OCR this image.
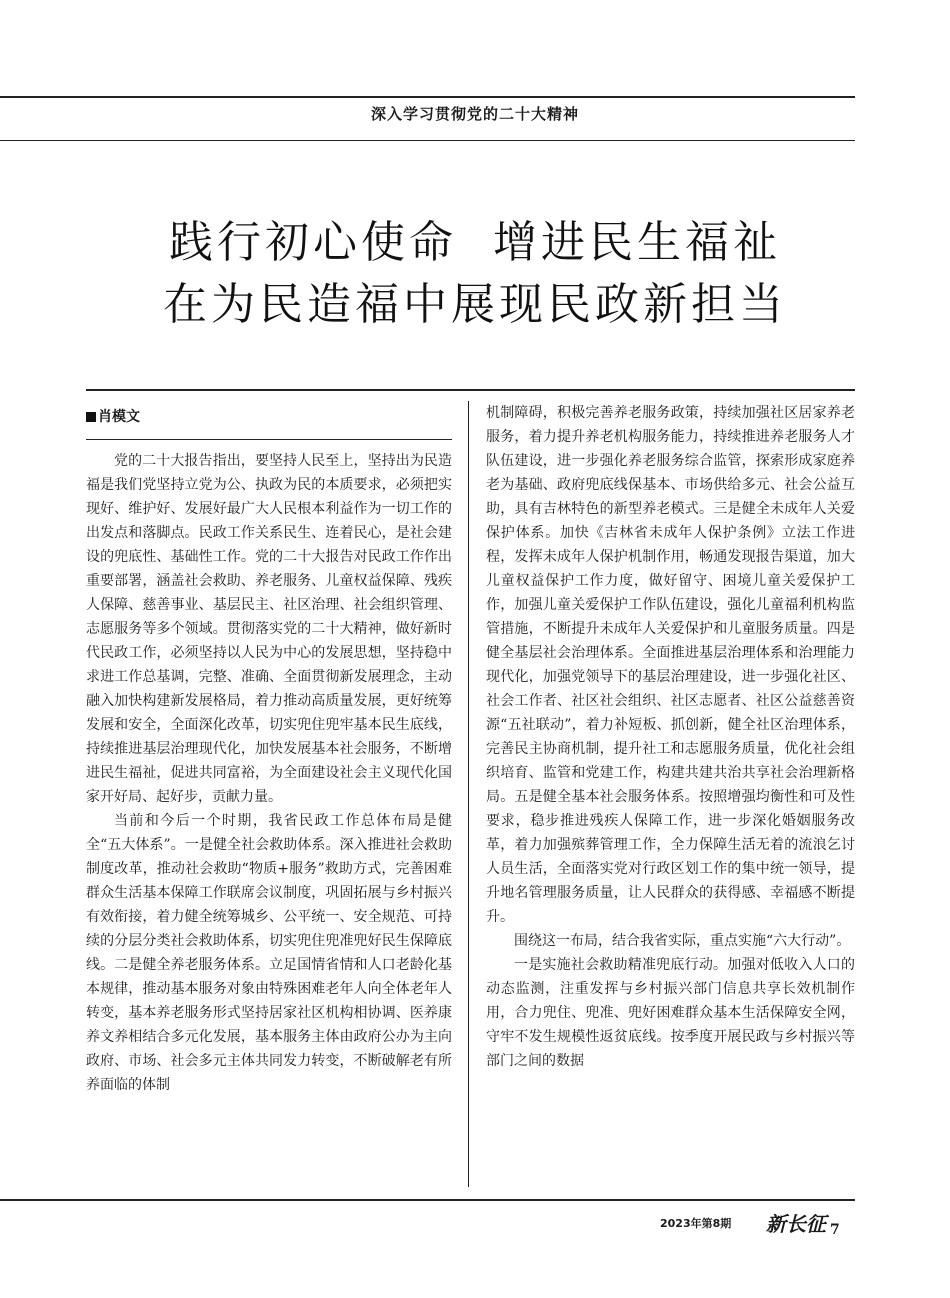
深入学习贯彻党的二十大精神
践行初心使命  增进民生福祉
在为民造福中展现民政新担当
肖模文

党的二十大报告指出，要坚持人民至上，坚持出为民造福是我们党坚持立党为公、执政为民的本质要求，必须把实现好、维护好、发展好最广大人民根本利益作为一切工作的出发点和落脚点。民政工作关系民生、连着民心，是社会建设的兜底性、基础性工作。党的二十大报告对民政工作作出重要部署，涵盖社会救助、养老服务、儿童权益保障、残疾人保障、慈善事业、基层民主、社区治理、社会组织管理、志愿服务等多个领域。贯彻落实党的二十大精神，做好新时代民政工作，必须坚持以人民为中心的发展思想，坚持稳中求进工作总基调，完整、准确、全面贯彻新发展理念，主动融入加快构建新发展格局，着力推动高质量发展，更好统筹发展和安全，全面深化改革，切实兜住兜牢基本民生底线，持续推进基层治理现代化，加快发展基本社会服务，不断增进民生福祉，促进共同富裕，为全面建设社会主义现代化国家开好局、起好步，贡献力量。

当前和今后一个时期，我省民政工作总体布局是健全“五大体系”。一是健全社会救助体系。深入推进社会救助制度改革，推动社会救助“物质+服务”救助方式，完善困难群众生活基本保障工作联席会议制度，巩固拓展与乡村振兴有效衔接，着力健全统筹城乡、公平统一、安全规范、可持续的分层分类社会救助体系，切实兜住兜准兜好民生保障底线。二是健全养老服务体系。立足国情省情和人口老龄化基本规律，推动基本服务对象由特殊困难老年人向全体老年人转变，基本养老服务形式坚持居家社区机构相协调、医养康养文养相结合多元化发展，基本服务主体由政府公办为主向政府、市场、社会多元主体共同发力转变，不断破解老有所养面临的体制

机制障碍，积极完善养老服务政策，持续加强社区居家养老服务，着力提升养老机构服务能力，持续推进养老服务人才队伍建设，进一步强化养老服务综合监管，探索形成家庭养老为基础、政府兜底线保基本、市场供给多元、社会公益互助，具有吉林特色的新型养老模式。三是健全未成年人关爱保护体系。加快《吉林省未成年人保护条例》立法工作进程，发挥未成年人保护机制作用，畅通发现报告渠道，加大儿童权益保护工作力度，做好留守、困境儿童关爱保护工作，加强儿童关爱保护工作队伍建设，强化儿童福利机构监管措施，不断提升未成年人关爱保护和儿童服务质量。四是健全基层社会治理体系。全面推进基层治理体系和治理能力现代化，加强党领导下的基层治理建设，进一步强化社区、社会工作者、社区社会组织、社区志愿者、社区公益慈善资源“五社联动”，着力补短板、抓创新，健全社区治理体系，完善民主协商机制，提升社工和志愿服务质量，优化社会组织培育、监管和党建工作，构建共建共治共享社会治理新格局。五是健全基本社会服务体系。按照增强均衡性和可及性要求，稳步推进残疾人保障工作，进一步深化婚姻服务改革，着力加强殡葬管理工作，全力保障生活无着的流浪乞讨人员生活，全面落实党对行政区划工作的集中统一领导，提升地名管理服务质量，让人民群众的获得感、幸福感不断提升。

围绕这一布局，结合我省实际，重点实施“六大行动”。

一是实施社会救助精准兜底行动。加强对低收入人口的动态监测，注重发挥与乡村振兴部门信息共享长效机制作用，合力兜住、兜准、兜好困难群众基本生活保障安全网，守牢不发生规模性返贫底线。按季度开展民政与乡村振兴等部门之间的数据

2023年第8期 新长征 7
